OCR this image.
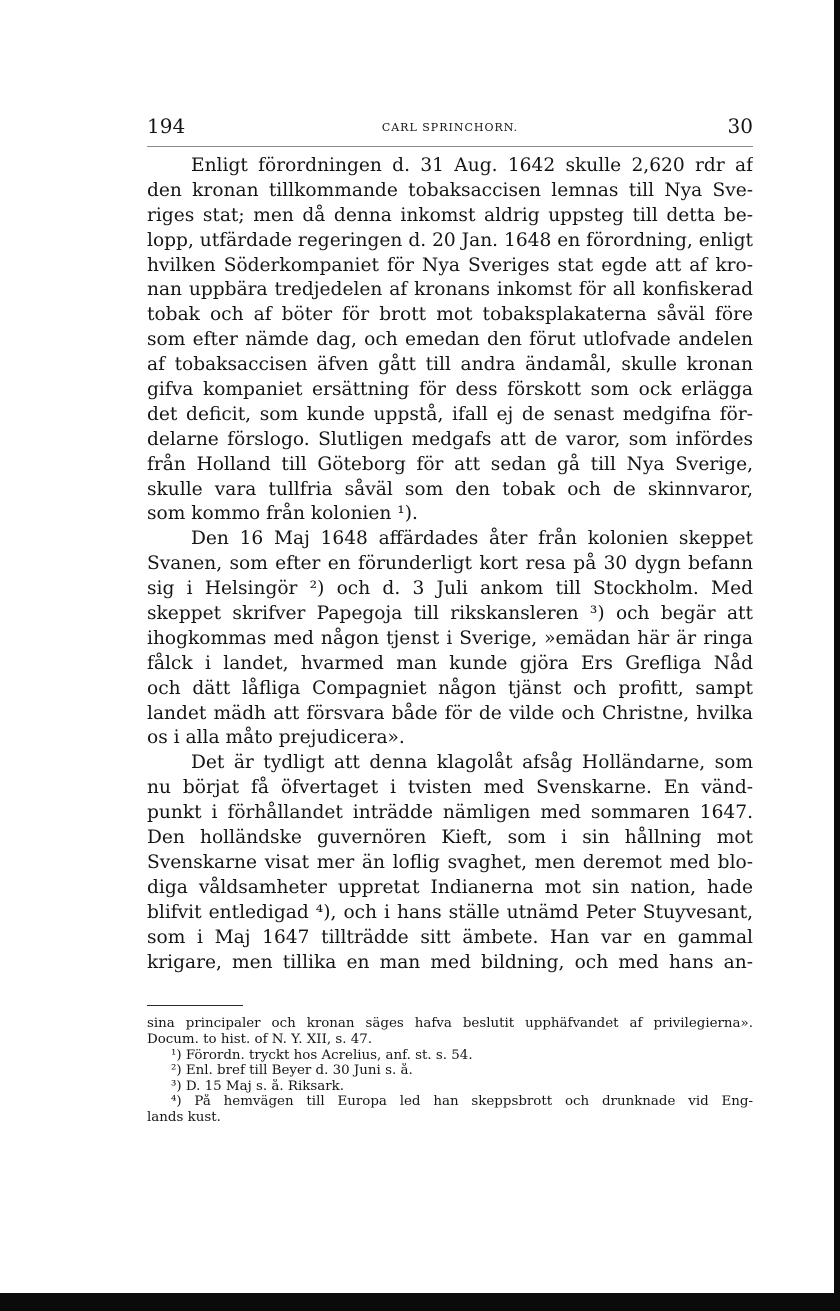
194	CARL SPRINCHORN.	30
Enligt förordningen d. 31 Aug. 1642 skulle 2,620 rdr af
den kronan tillkommande tobaksaccisen lemnas till Nya Sve-
riges stat; men då denna inkomst aldrig uppsteg till detta be-
lopp, utfärdade regeringen d. 20 Jan. 1648 en förordning, enligt
hvilken Söderkompaniet för Nya Sveriges stat egde att af kro-
nan uppbära tredjedelen af kronans inkomst för all konfiskerad
tobak och af böter för brott mot tobaksplakaterna såväl före
som efter nämde dag, och emedan den förut utlofvade andelen
af tobaksaccisen äfven gått till andra ändamål, skulle kronan
gifva kompaniet ersättning för dess förskott som ock erlägga
det deficit, som kunde uppstå, ifall ej de senast medgifna för-
delarne förslogo. Slutligen medgafs att de varor, som infördes
från Holland till Göteborg för att sedan gå till Nya Sverige,
skulle vara tullfria såväl som den tobak och de skinnvaror,
som kommo från kolonien ¹).
Den 16 Maj 1648 affärdades åter från kolonien skeppet
Svanen, som efter en förunderligt kort resa på 30 dygn befann
sig i Helsingör ²) och d. 3 Juli ankom till Stockholm. Med
skeppet skrifver Papegoja till rikskansleren ³) och begär att
ihogkommas med någon tjenst i Sverige, »emädan här är ringa
fålck i landet, hvarmed man kunde gjöra Ers Grefliga Nåd
och dätt låfliga Compagniet någon tjänst och profitt, sampt
landet mädh att försvara både för de vilde och Christne, hvilka
os i alla måto prejudicera».
Det är tydligt att denna klagolåt afsåg Holländarne, som
nu börjat få öfvertaget i tvisten med Svenskarne. En vänd-
punkt i förhållandet inträdde nämligen med sommaren 1647.
Den holländske guvernören Kieft, som i sin hållning mot
Svenskarne visat mer än loflig svaghet, men deremot med blo-
diga våldsamheter uppretat Indianerna mot sin nation, hade
blifvit entledigad ⁴), och i hans ställe utnämd Peter Stuyvesant,
som i Maj 1647 tillträdde sitt ämbete. Han var en gammal
krigare, men tillika en man med bildning, och med hans an-
sina principaler och kronan säges hafva beslutit upphäfvandet af privilegierna».
Docum. to hist. of N. Y. XII, s. 47.
¹) Förordn. tryckt hos Acrelius, anf. st. s. 54.
²) Enl. bref till Beyer d. 30 Juni s. å.
³) D. 15 Maj s. å. Riksark.
⁴) På hemvägen till Europa led han skeppsbrott och drunknade vid Eng-
lands kust.
